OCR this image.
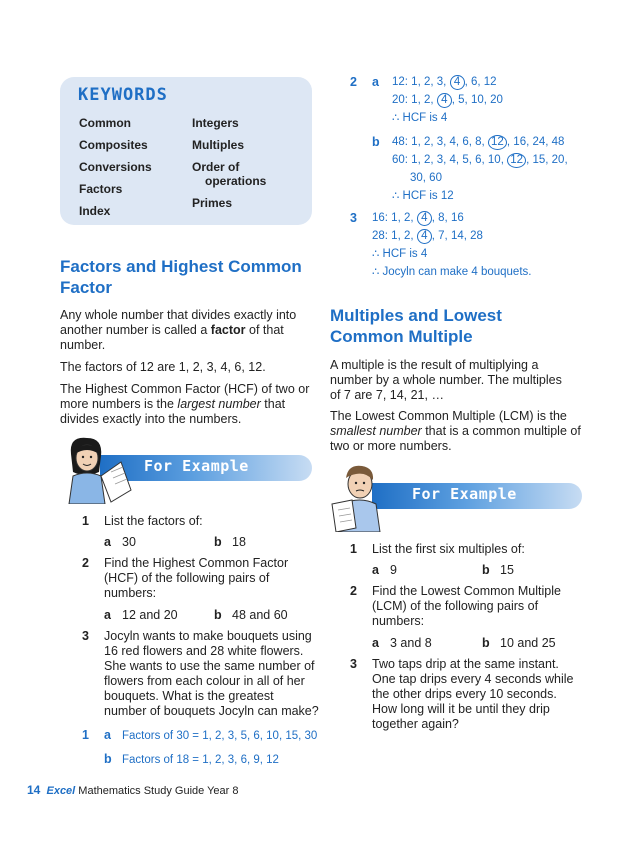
KEYWORDS
Common
Composites
Conversions
Factors
Index
Integers
Multiples
Order of
operations
Primes
Factors and Highest Common
Factor
Any whole number that divides exactly into
another number is called a factor of that
number.
The factors of 12 are 1, 2, 3, 4, 6, 12.
The Highest Common Factor (HCF) of two or
more numbers is the largest number that
divides exactly into the numbers.
For Example
1 List the factors of:
a 30	b 18
2 Find the Highest Common Factor
(HCF) of the following pairs of
numbers:
a 12 and 20	b 48 and 60
3 Jocyln wants to make bouquets using
16 red flowers and 28 white flowers.
She wants to use the same number of
flowers from each colour in all of her
bouquets. What is the greatest
number of bouquets Jocyln can make?
1 a Factors of 30 = 1, 2, 3, 5, 6, 10, 15, 30
b Factors of 18 = 1, 2, 3, 6, 9, 12
2 a 12: 1, 2, 3, 4 , 6, 12
20: 1, 2, 4 , 5, 10, 20
∴ HCF is 4
b 48: 1, 2, 3, 4, 6, 8, 12 , 16, 24, 48
60: 1, 2, 3, 4, 5, 6, 10, 12 , 15, 20,
30, 60
∴ HCF is 12
3 16: 1, 2, 4 , 8, 16
28: 1, 2, 4 , 7, 14, 28
∴ HCF is 4
∴ Jocyln can make 4 bouquets.
Multiples and Lowest
Common Multiple
A multiple is the result of multiplying a
number by a whole number. The multiples
of 7 are 7, 14, 21, …
The Lowest Common Multiple (LCM) is the
smallest number that is a common multiple of
two or more numbers.
For Example
1 List the first six multiples of:
a 9	b 15
2 Find the Lowest Common Multiple
(LCM) of the following pairs of
numbers:
a 3 and 8	b 10 and 25
3 Two taps drip at the same instant.
One tap drips every 4 seconds while
the other drips every 10 seconds.
How long will it be until they drip
together again?
14 Excel Mathematics Study Guide Year 8
